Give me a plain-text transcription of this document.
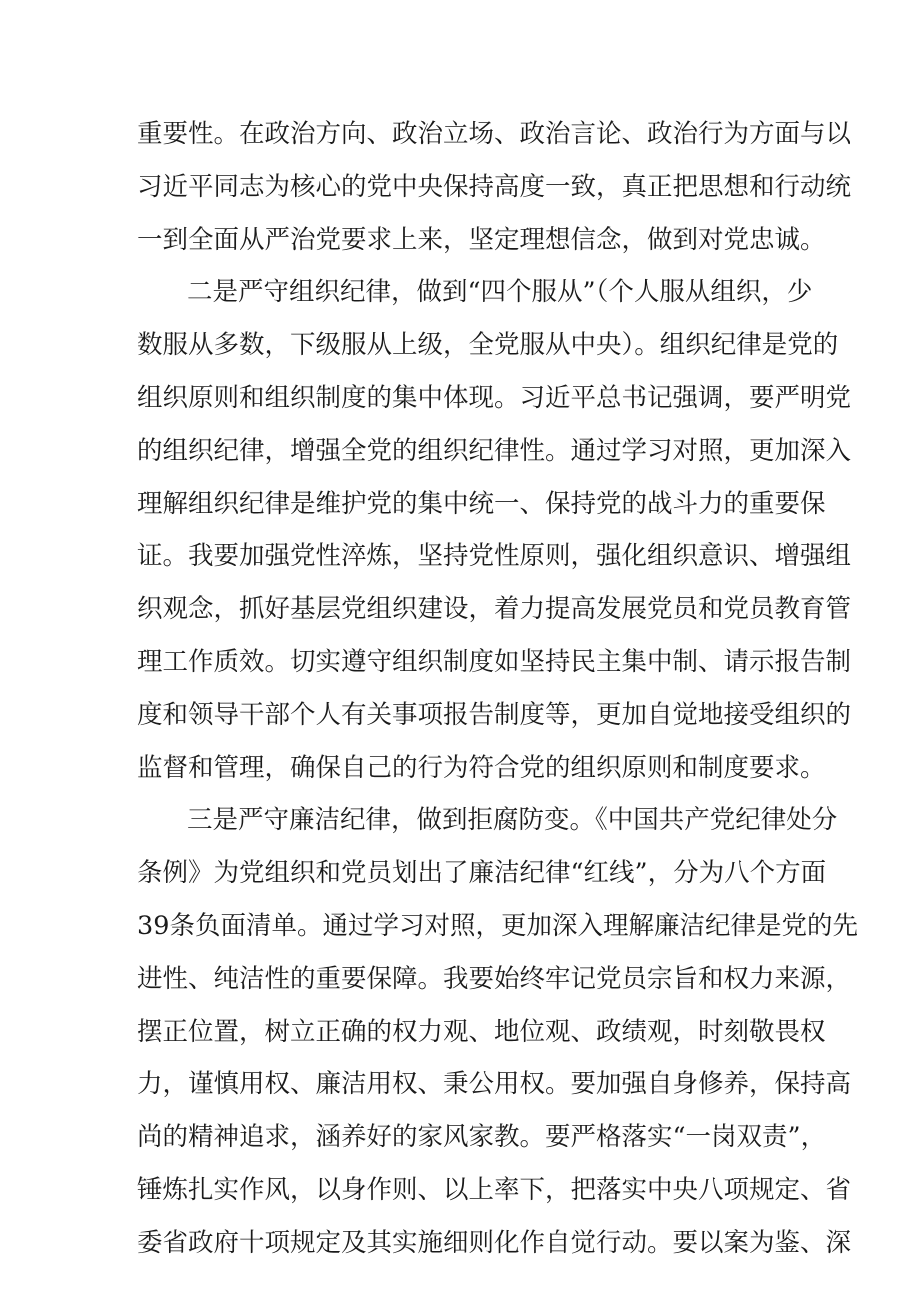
重要性。在政治方向、政治立场、政治言论、政治行为方面与以
习近平同志为核心的党中央保持高度一致，真正把思想和行动统
一到全面从严治党要求上来，坚定理想信念，做到对党忠诚。
二是严守组织纪律，做到“四个服从”（个人服从组织，少
数服从多数，下级服从上级，全党服从中央）。组织纪律是党的
组织原则和组织制度的集中体现。习近平总书记强调，要严明党
的组织纪律，增强全党的组织纪律性。通过学习对照，更加深入
理解组织纪律是维护党的集中统一、保持党的战斗力的重要保
证。我要加强党性淬炼，坚持党性原则，强化组织意识、增强组
织观念，抓好基层党组织建设，着力提高发展党员和党员教育管
理工作质效。切实遵守组织制度如坚持民主集中制、请示报告制
度和领导干部个人有关事项报告制度等，更加自觉地接受组织的
监督和管理，确保自己的行为符合党的组织原则和制度要求。
三是严守廉洁纪律，做到拒腐防变。《中国共产党纪律处分
条例》为党组织和党员划出了廉洁纪律“红线”，分为八个方面
39条负面清单。通过学习对照，更加深入理解廉洁纪律是党的先
进性、纯洁性的重要保障。我要始终牢记党员宗旨和权力来源，
摆正位置，树立正确的权力观、地位观、政绩观，时刻敬畏权
力，谨慎用权、廉洁用权、秉公用权。要加强自身修养，保持高
尚的精神追求，涵养好的家风家教。要严格落实“一岗双责”，
锤炼扎实作风，以身作则、以上率下，把落实中央八项规定、省
委省政府十项规定及其实施细则化作自觉行动。要以案为鉴、深
